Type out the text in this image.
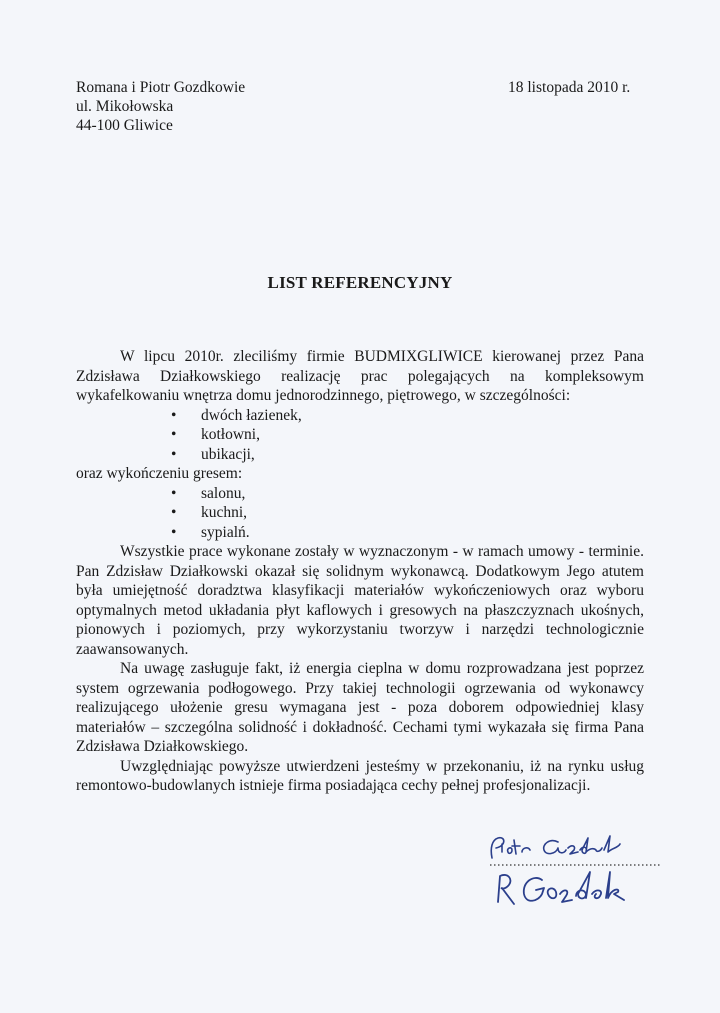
Romana i Piotr Gozdkowie
ul. Mikołowska
44-100 Gliwice
18 listopada 2010 r.
LIST REFERENCYJNY

W lipcu 2010r. zleciliśmy firmie BUDMIXGLIWICE kierowanej przez Pana Zdzisława Działkowskiego realizację prac polegających na kompleksowym wykafelkowaniu wnętrza domu jednorodzinnego, piętrowego, w szczególności:

• dwóch łazienek,
• kotłowni,
• ubikacji,

oraz wykończeniu gresem:

• salonu,
• kuchni,
• sypialń.

Wszystkie prace wykonane zostały w wyznaczonym - w ramach umowy - terminie. Pan Zdzisław Działkowski okazał się solidnym wykonawcą. Dodatkowym Jego atutem była umiejętność doradztwa klasyfikacji materiałów wykończeniowych oraz wyboru optymalnych metod układania płyt kaflowych i gresowych na płaszczyznach ukośnych, pionowych i poziomych, przy wykorzystaniu tworzyw i narzędzi technologicznie zaawansowanych.

Na uwagę zasługuje fakt, iż energia cieplna w domu rozprowadzana jest poprzez system ogrzewania podłogowego. Przy takiej technologii ogrzewania od wykonawcy realizującego ułożenie gresu wymagana jest - poza doborem odpowiedniej klasy materiałów – szczególna solidność i dokładność. Cechami tymi wykazała się firma Pana Zdzisława Działkowskiego.

Uwzględniając powyższe utwierdzeni jesteśmy w przekonaniu, iż na rynku usług remontowo-budowlanych istnieje firma posiadająca cechy pełnej profesjonalizacji.
